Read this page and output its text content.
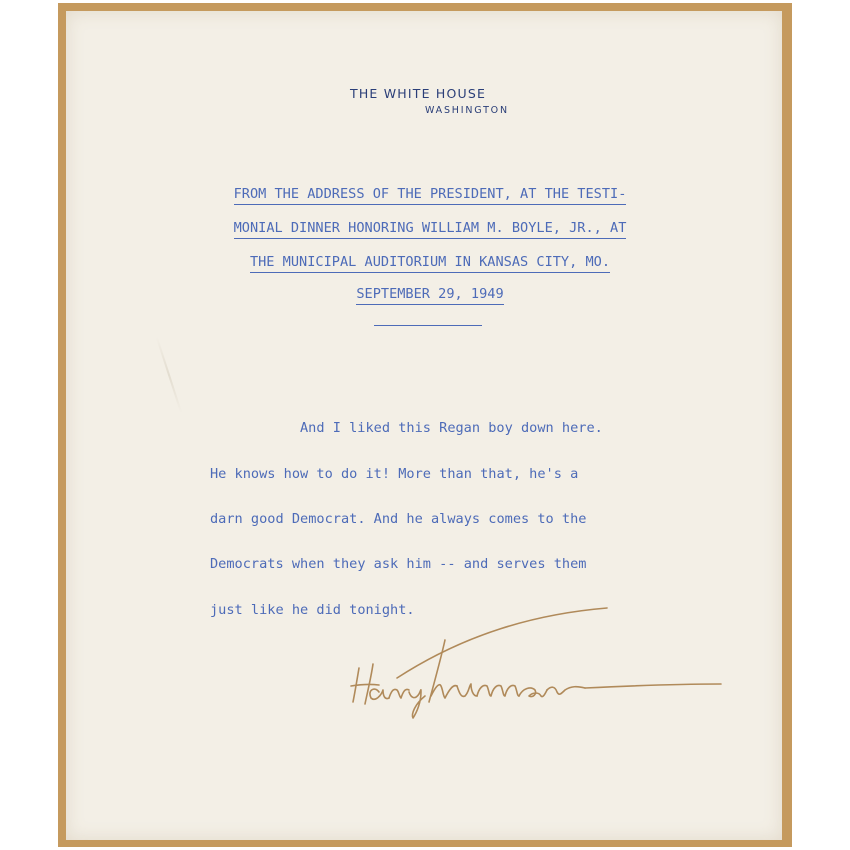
THE WHITE HOUSE
WASHINGTON
FROM THE ADDRESS OF THE PRESIDENT, AT THE TESTI-
MONIAL DINNER HONORING WILLIAM M. BOYLE, JR., AT
THE MUNICIPAL AUDITORIUM IN KANSAS CITY, MO.
SEPTEMBER 29, 1949
And I liked this Regan boy down here.
He knows how to do it! More than that, he's a
darn good Democrat. And he always comes to the
Democrats when they ask him -- and serves them
just like he did tonight.
